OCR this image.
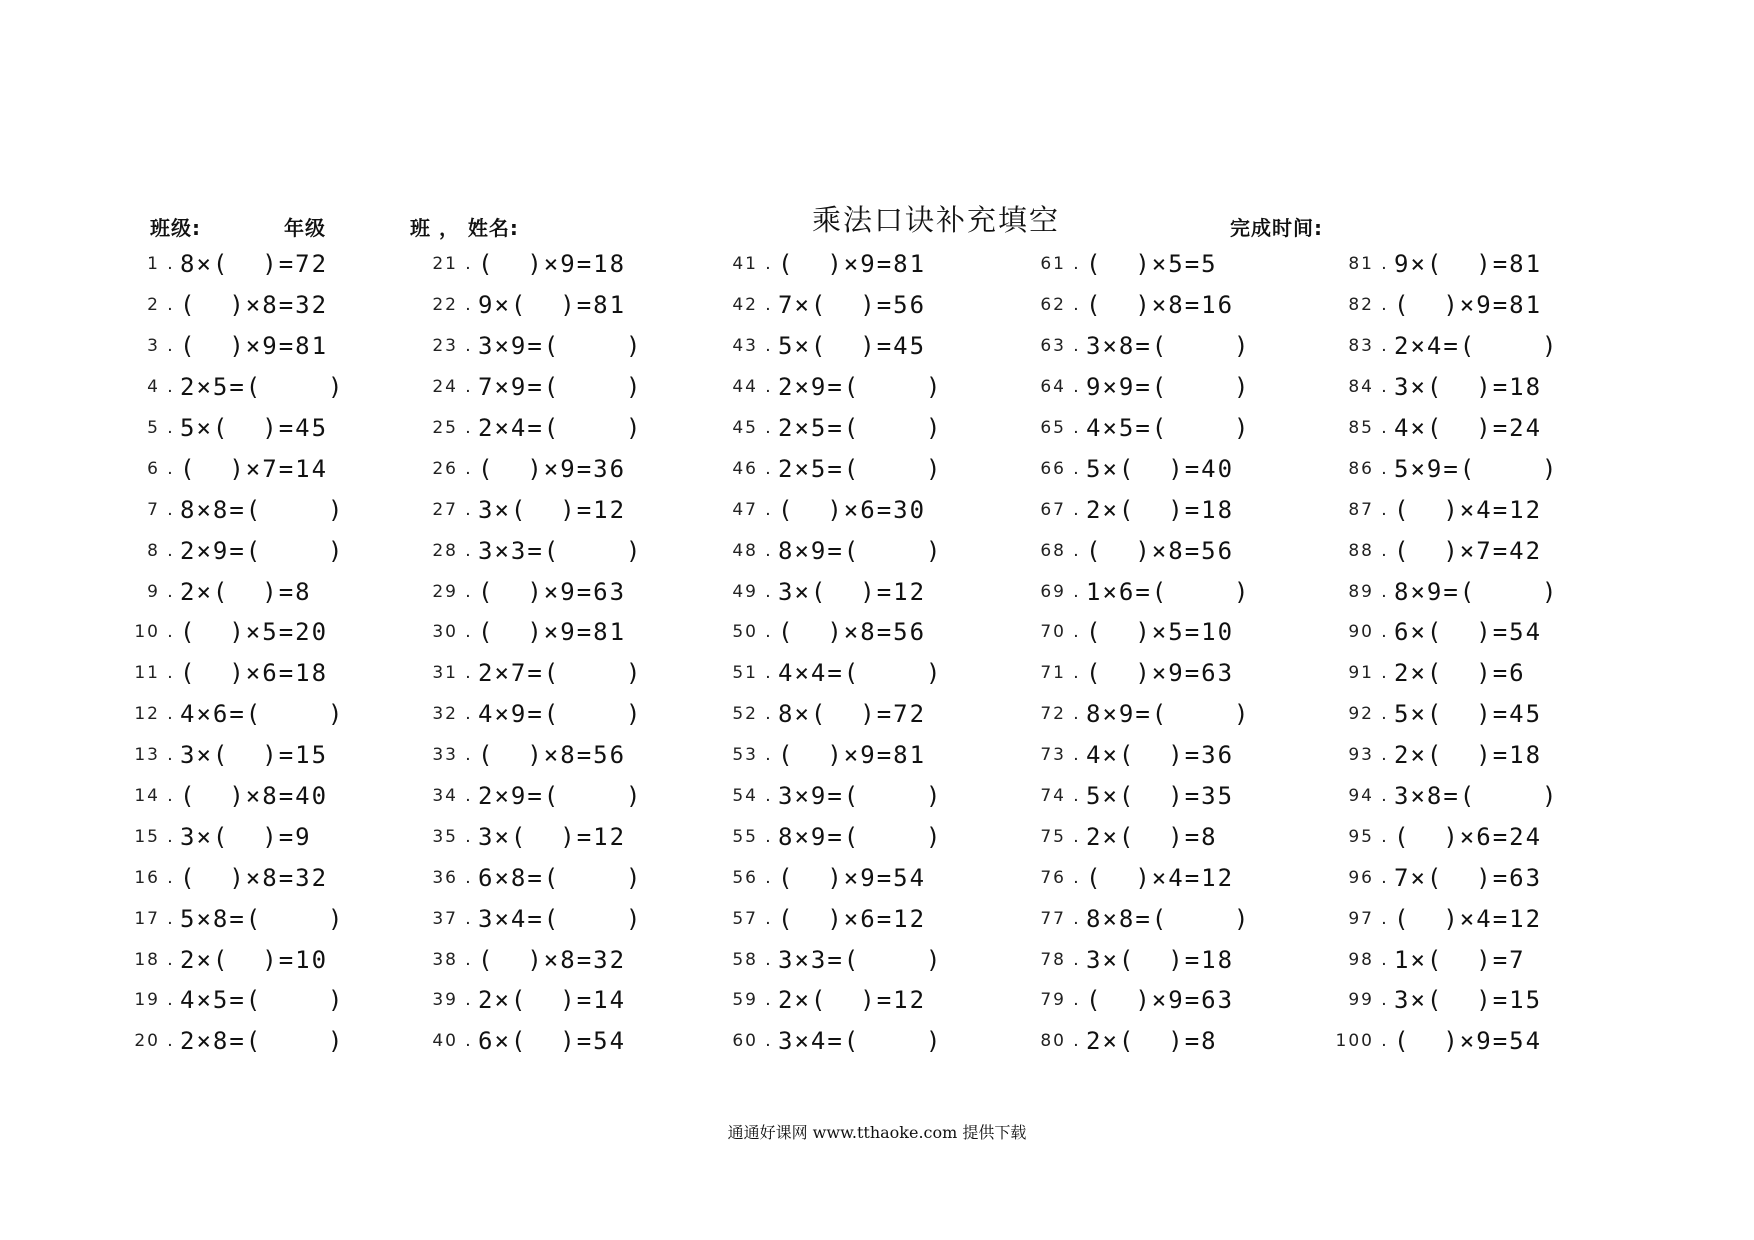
班级:	年级	班 ， 姓名:	乘法口诀补充填空	完成时间:
1 . 8×(  )=72
2 . (  )×8=32
3 . (  )×9=81
4 . 2×5=(    )
5 . 5×(  )=45
6 . (  )×7=14
7 . 8×8=(    )
8 . 2×9=(    )
9 . 2×(  )=8
10 . (  )×5=20
11 . (  )×6=18
12 . 4×6=(    )
13 . 3×(  )=15
14 . (  )×8=40
15 . 3×(  )=9
16 . (  )×8=32
17 . 5×8=(    )
18 . 2×(  )=10
19 . 4×5=(    )
20 . 2×8=(    )
21 . (  )×9=18
22 . 9×(  )=81
23 . 3×9=(    )
24 . 7×9=(    )
25 . 2×4=(    )
26 . (  )×9=36
27 . 3×(  )=12
28 . 3×3=(    )
29 . (  )×9=63
30 . (  )×9=81
31 . 2×7=(    )
32 . 4×9=(    )
33 . (  )×8=56
34 . 2×9=(    )
35 . 3×(  )=12
36 . 6×8=(    )
37 . 3×4=(    )
38 . (  )×8=32
39 . 2×(  )=14
40 . 6×(  )=54
41 . (  )×9=81
42 . 7×(  )=56
43 . 5×(  )=45
44 . 2×9=(    )
45 . 2×5=(    )
46 . 2×5=(    )
47 . (  )×6=30
48 . 8×9=(    )
49 . 3×(  )=12
50 . (  )×8=56
51 . 4×4=(    )
52 . 8×(  )=72
53 . (  )×9=81
54 . 3×9=(    )
55 . 8×9=(    )
56 . (  )×9=54
57 . (  )×6=12
58 . 3×3=(    )
59 . 2×(  )=12
60 . 3×4=(    )
61 . (  )×5=5
62 . (  )×8=16
63 . 3×8=(    )
64 . 9×9=(    )
65 . 4×5=(    )
66 . 5×(  )=40
67 . 2×(  )=18
68 . (  )×8=56
69 . 1×6=(    )
70 . (  )×5=10
71 . (  )×9=63
72 . 8×9=(    )
73 . 4×(  )=36
74 . 5×(  )=35
75 . 2×(  )=8
76 . (  )×4=12
77 . 8×8=(    )
78 . 3×(  )=18
79 . (  )×9=63
80 . 2×(  )=8
81 . 9×(  )=81
82 . (  )×9=81
83 . 2×4=(    )
84 . 3×(  )=18
85 . 4×(  )=24
86 . 5×9=(    )
87 . (  )×4=12
88 . (  )×7=42
89 . 8×9=(    )
90 . 6×(  )=54
91 . 2×(  )=6
92 . 5×(  )=45
93 . 2×(  )=18
94 . 3×8=(    )
95 . (  )×6=24
96 . 7×(  )=63
97 . (  )×4=12
98 . 1×(  )=7
99 . 3×(  )=15
100 . (  )×9=54
通通好课网 www.tthaoke.com 提供下载
